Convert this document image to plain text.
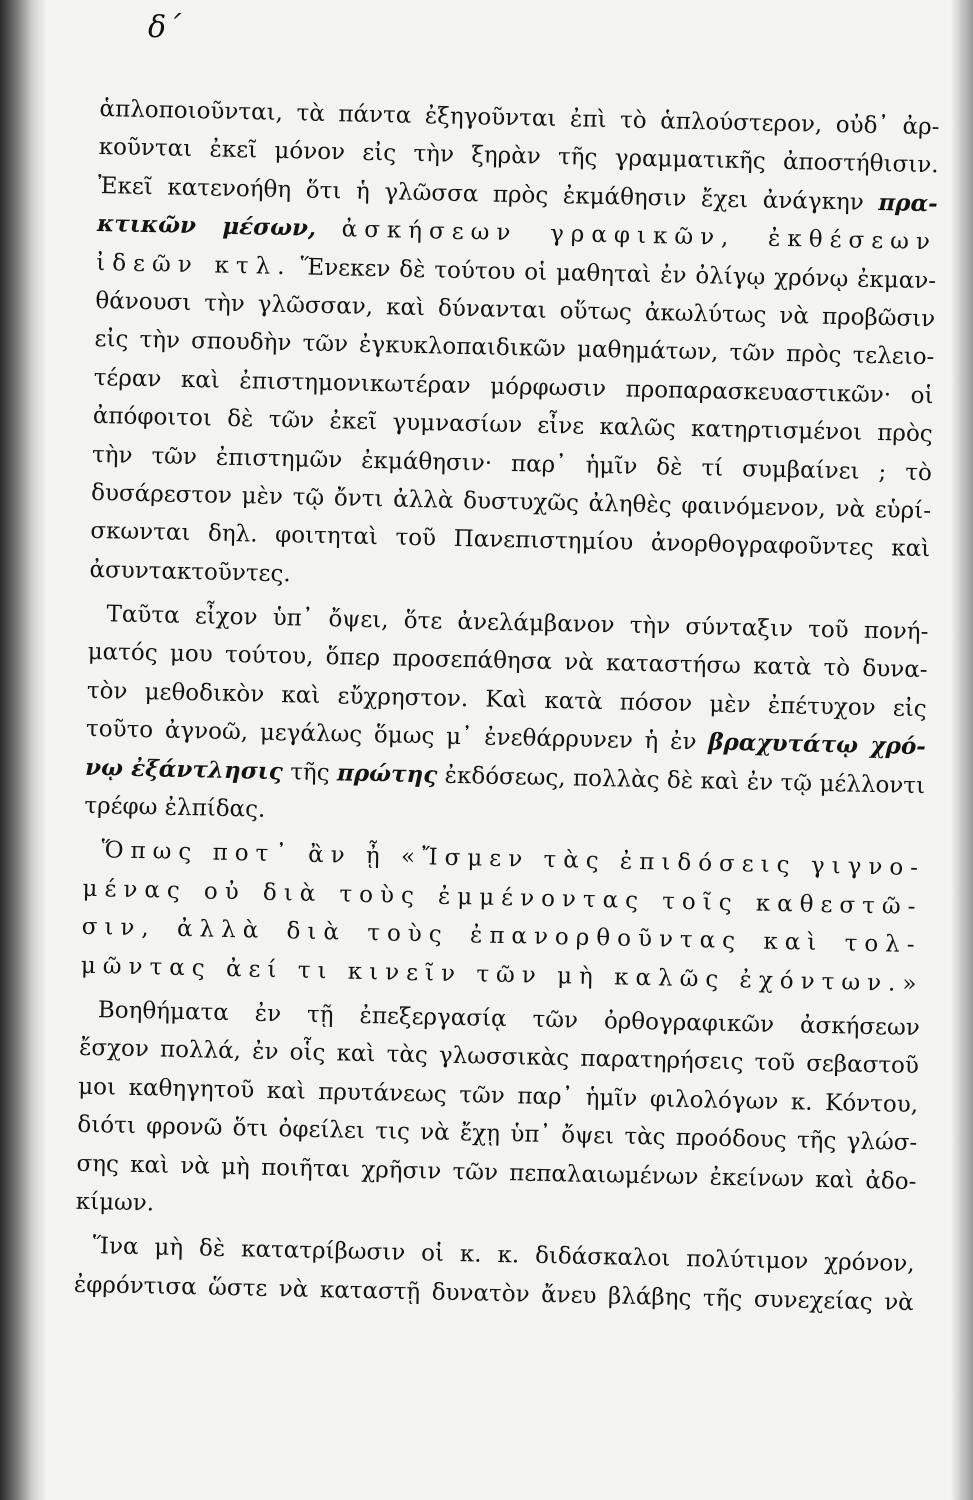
δ΄
ἁπλοποιοῦνται, τὰ πάντα ἐξηγοῦνται ἐπὶ τὸ ἁπλούστερον, οὐδ᾽ ἀρ-
κοῦνται ἐκεῖ μόνον εἰς τὴν ξηρὰν τῆς γραμματικῆς ἀποστήθισιν.
Ἐκεῖ κατενοήθη ὅτι ἡ γλῶσσα πρὸς ἐκμάθησιν ἔχει ἀνάγκην πρα-
κτικῶν μέσων, ἀσκήσεων γραφικῶν, ἐκθέσεων
ἰδεῶν κτλ. Ἕνεκεν δὲ τούτου οἱ μαθηταὶ ἐν ὀλίγῳ χρόνῳ ἐκμαν-
θάνουσι τὴν γλῶσσαν, καὶ δύνανται οὕτως ἀκωλύτως νὰ προβῶσιν
εἰς τὴν σπουδὴν τῶν ἐγκυκλοπαιδικῶν μαθημάτων, τῶν πρὸς τελειο-
τέραν καὶ ἐπιστημονικωτέραν μόρφωσιν προπαρασκευαστικῶν· οἱ
ἀπόφοιτοι δὲ τῶν ἐκεῖ γυμνασίων εἶνε καλῶς κατηρτισμένοι πρὸς
τὴν τῶν ἐπιστημῶν ἐκμάθησιν· παρ᾽ ἡμῖν δὲ τί συμβαίνει ; τὸ
δυσάρεστον μὲν τῷ ὄντι ἀλλὰ δυστυχῶς ἀληθὲς φαινόμενον, νὰ εὑρί-
σκωνται δηλ. φοιτηταὶ τοῦ Πανεπιστημίου ἀνορθογραφοῦντες καὶ
ἀσυντακτοῦντες.
Ταῦτα εἶχον ὑπ᾽ ὄψει, ὅτε ἀνελάμβανον τὴν σύνταξιν τοῦ πονή-
ματός μου τούτου, ὅπερ προσεπάθησα νὰ καταστήσω κατὰ τὸ δυνα-
τὸν μεθοδικὸν καὶ εὔχρηστον. Καὶ κατὰ πόσον μὲν ἐπέτυχον εἰς
τοῦτο ἀγνοῶ, μεγάλως ὅμως μ᾽ ἐνεθάρρυνεν ἡ ἐν βραχυτάτῳ χρό-
νῳ ἐξάντλησις τῆς πρώτης ἐκδόσεως, πολλὰς δὲ καὶ ἐν τῷ μέλλοντι
τρέφω ἐλπίδας.
Ὅπως ποτ᾽ ἂν ᾖ «Ἴσμεν τὰς ἐπιδόσεις γιγνο-
μένας οὐ διὰ τοὺς ἐμμένοντας τοῖς καθεστῶ-
σιν, ἀλλὰ διὰ τοὺς ἐπανορθοῦντας καὶ τολ-
μῶντας ἀεί τι κινεῖν τῶν μὴ καλῶς ἐχόντων.»
Βοηθήματα ἐν τῇ ἐπεξεργασίᾳ τῶν ὀρθογραφικῶν ἀσκήσεων
ἔσχον πολλά, ἐν οἷς καὶ τὰς γλωσσικὰς παρατηρήσεις τοῦ σεβαστοῦ
μοι καθηγητοῦ καὶ πρυτάνεως τῶν παρ᾽ ἡμῖν φιλολόγων κ. Κόντου,
διότι φρονῶ ὅτι ὀφείλει τις νὰ ἔχῃ ὑπ᾽ ὄψει τὰς προόδους τῆς γλώσ-
σης καὶ νὰ μὴ ποιῆται χρῆσιν τῶν πεπαλαιωμένων ἐκείνων καὶ ἀδο-
κίμων.
Ἵνα μὴ δὲ κατατρίβωσιν οἱ κ. κ. διδάσκαλοι πολύτιμον χρόνον,
ἐφρόντισα ὥστε νὰ καταστῇ δυνατὸν ἄνευ βλάβης τῆς συνεχείας νὰ
